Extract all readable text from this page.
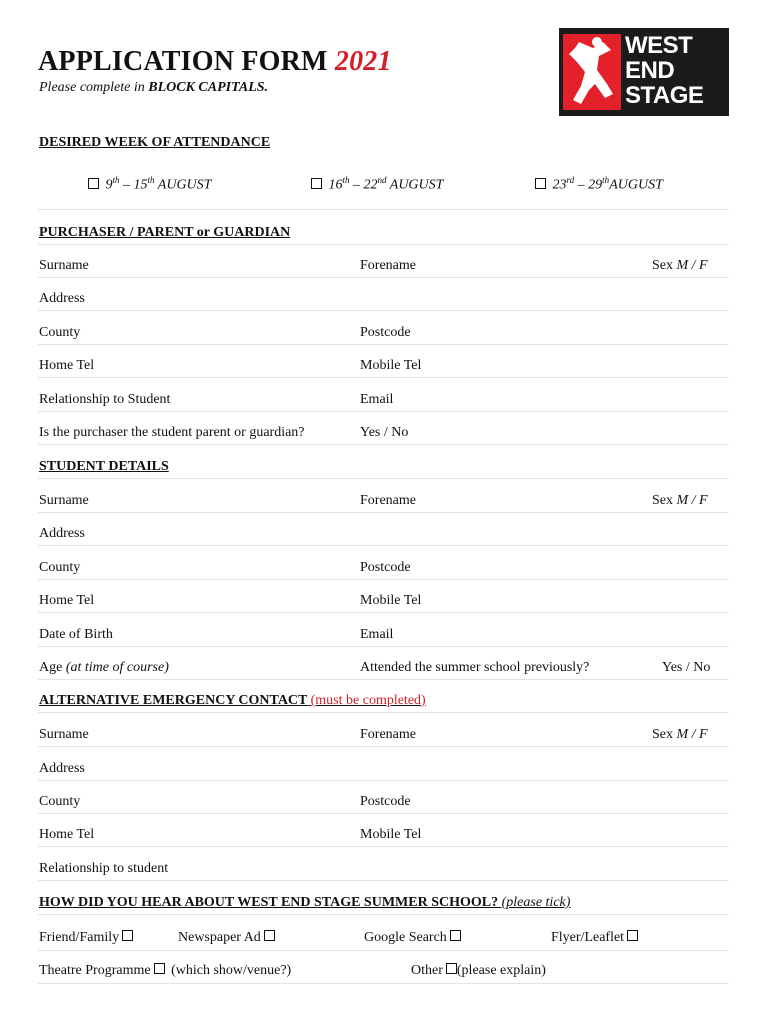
APPLICATION FORM 2021
Please complete in BLOCK CAPITALS.
WEST
END
STAGE
DESIRED WEEK OF ATTENDANCE
9th – 15th AUGUST	16th – 22nd AUGUST	23rd – 29thAUGUST
PURCHASER / PARENT or GUARDIAN
Surname	Forename	Sex M / F
Address
County	Postcode
Home Tel	Mobile Tel
Relationship to Student	Email
Is the purchaser the student parent or guardian?	Yes / No
STUDENT DETAILS
Surname	Forename	Sex M / F
Address
County	Postcode
Home Tel	Mobile Tel
Date of Birth	Email
Age (at time of course)	Attended the summer school previously?	Yes / No
ALTERNATIVE EMERGENCY CONTACT (must be completed)
Surname	Forename	Sex M / F
Address
County	Postcode
Home Tel	Mobile Tel
Relationship to student
HOW DID YOU HEAR ABOUT WEST END STAGE SUMMER SCHOOL? (please tick)
Friend/Family	Newspaper Ad	Google Search	Flyer/Leaflet
Theatre Programme (which show/venue?)	Other (please explain)
